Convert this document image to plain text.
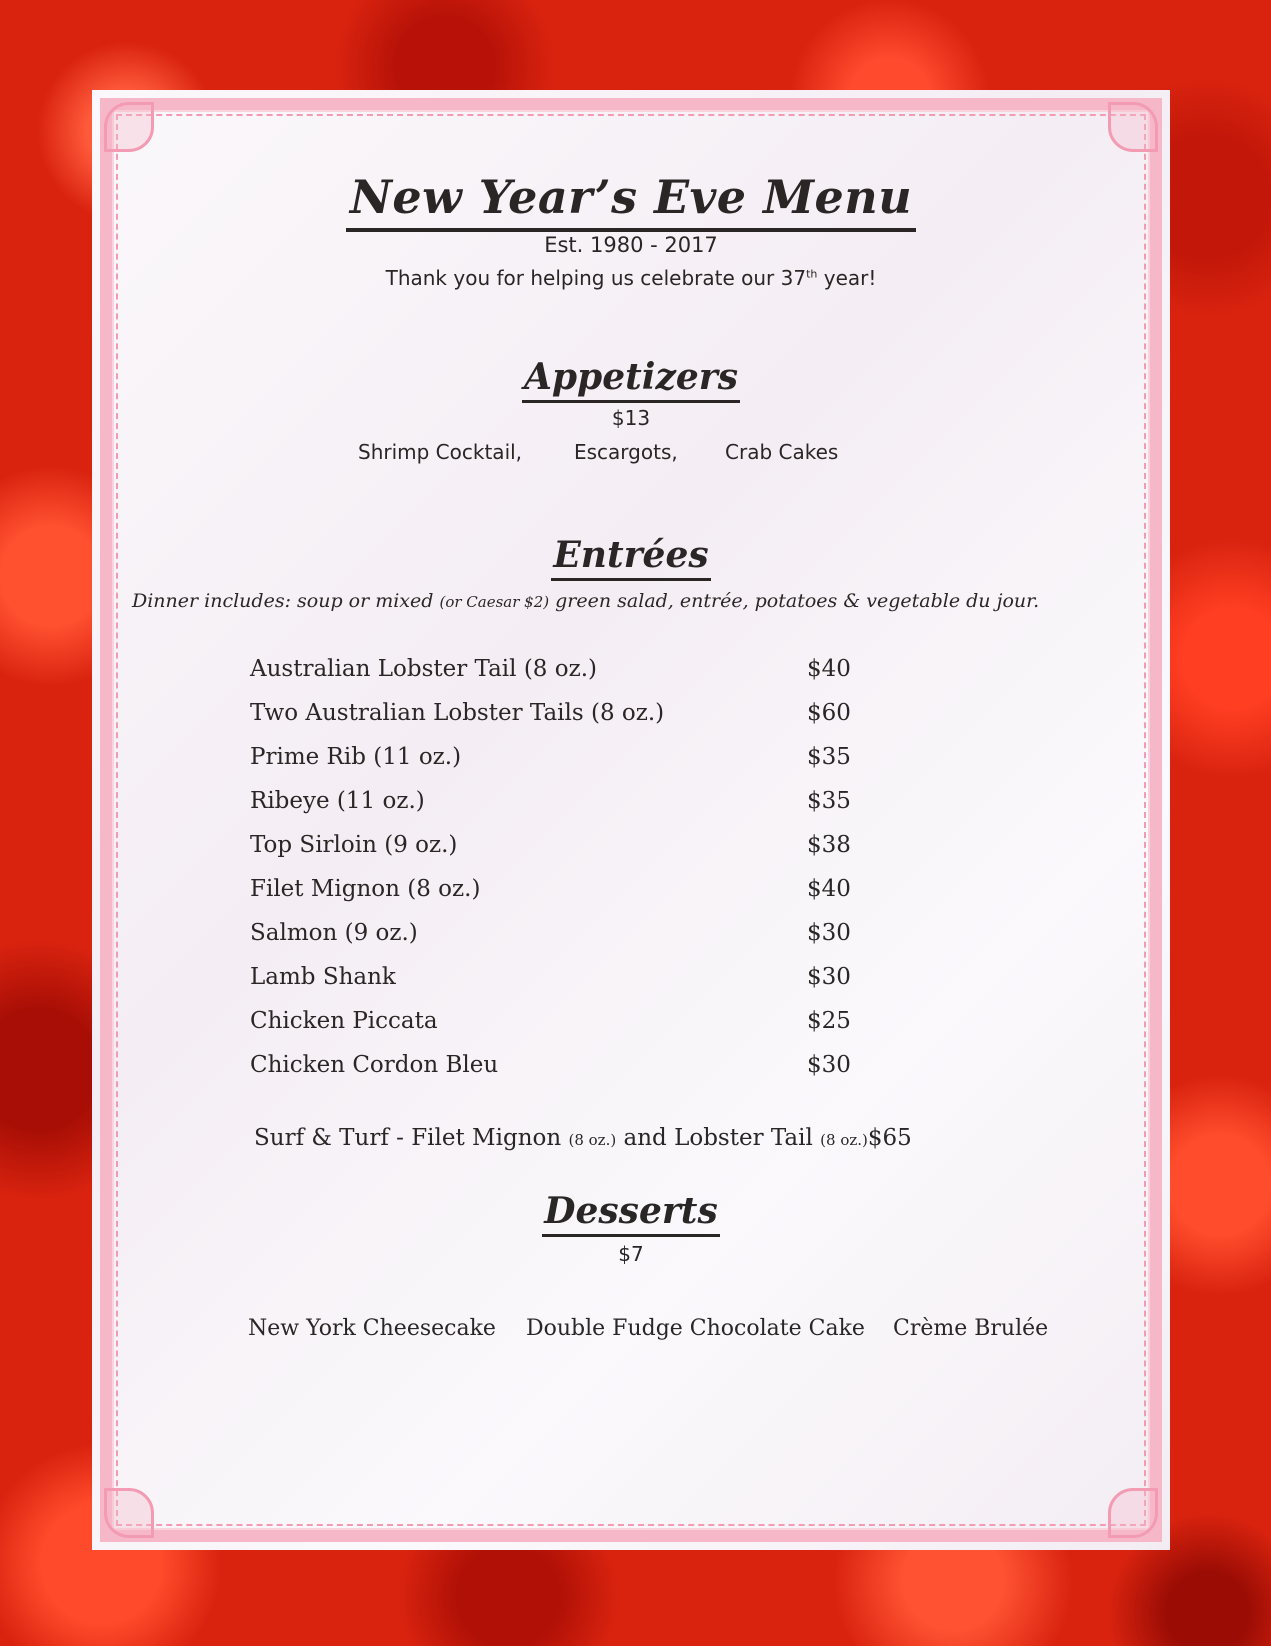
New Year’s Eve Menu
Est. 1980 - 2017
Thank you for helping us celebrate our 37th year!
Appetizers
$13
Shrimp Cocktail,	Escargots, Crab Cakes
Entrées
Dinner includes: soup or mixed (or Caesar $2) green salad, entrée, potatoes & vegetable du jour.
Australian Lobster Tail (8 oz.)	$40
Two Australian Lobster Tails (8 oz.)	$60
Prime Rib (11 oz.)	$35
Ribeye (11 oz.)	$35
Top Sirloin (9 oz.)	$38
Filet Mignon (8 oz.)	$40
Salmon (9 oz.)	$30
Lamb Shank	$30
Chicken Piccata	$25
Chicken Cordon Bleu	$30
Surf & Turf - Filet Mignon (8 oz.) and Lobster Tail (8 oz.)$65
Desserts
$7
New York Cheesecake Double Fudge Chocolate Cake Crème Brulée
